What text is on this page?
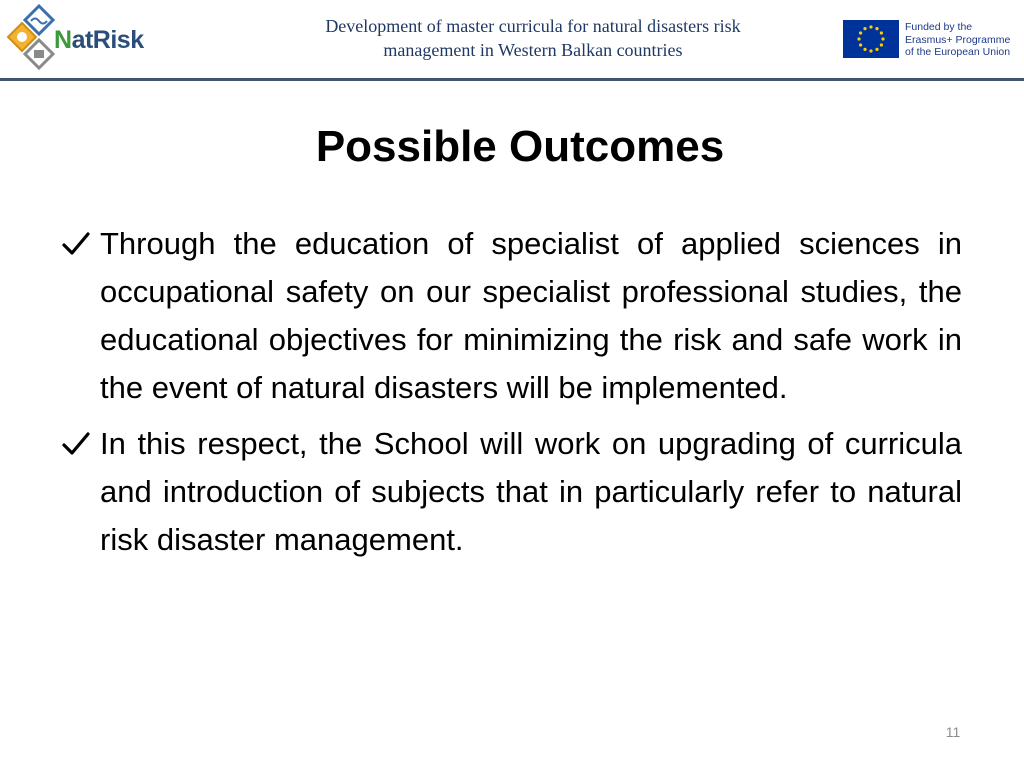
NatRisk	Development of master curricula for natural disasters risk
management in Western Balkan countries
Funded by the
Erasmus+ Programme
of the European Union
Possible Outcomes
Through the education of specialist of applied sciences in occupational safety on our specialist professional studies, the educational objectives for minimizing the risk and safe work in the event of natural disasters will be implemented.
In this respect, the School will work on upgrading of curricula and introduction of subjects that in particularly refer to natural risk disaster management.
11
